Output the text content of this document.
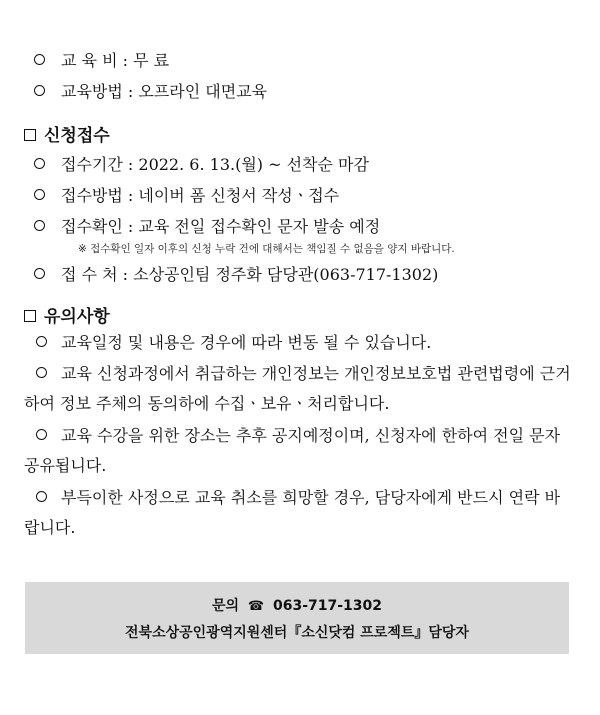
교 육 비 : 무 료
교육방법 : 오프라인 대면교육
신청접수
접수기간 : 2022. 6. 13.(월) ~ 선착순 마감
접수방법 : 네이버 폼 신청서 작성ㆍ접수
접수확인 : 교육 전일 접수확인 문자 발송 예정
※ 접수확인 일자 이후의 신청 누락 건에 대해서는 책임질 수 없음을 양지 바랍니다.
접 수 처 : 소상공인팀 정주화 담당관(063-717-1302)
유의사항
교육일정 및 내용은 경우에 따라 변동 될 수 있습니다.
교육 신청과정에서 취급하는 개인정보는 개인정보보호법 관련법령에 근거하여 정보 주체의 동의하에 수집ㆍ보유ㆍ처리합니다.
교육 수강을 위한 장소는 추후 공지예정이며, 신청자에 한하여 전일 문자 공유됩니다.
부득이한 사정으로 교육 취소를 희망할 경우, 담당자에게 반드시 연락 바랍니다.
문의 ☎ 063-717-1302
전북소상공인광역지원센터『소신닷컴 프로젝트』담당자
